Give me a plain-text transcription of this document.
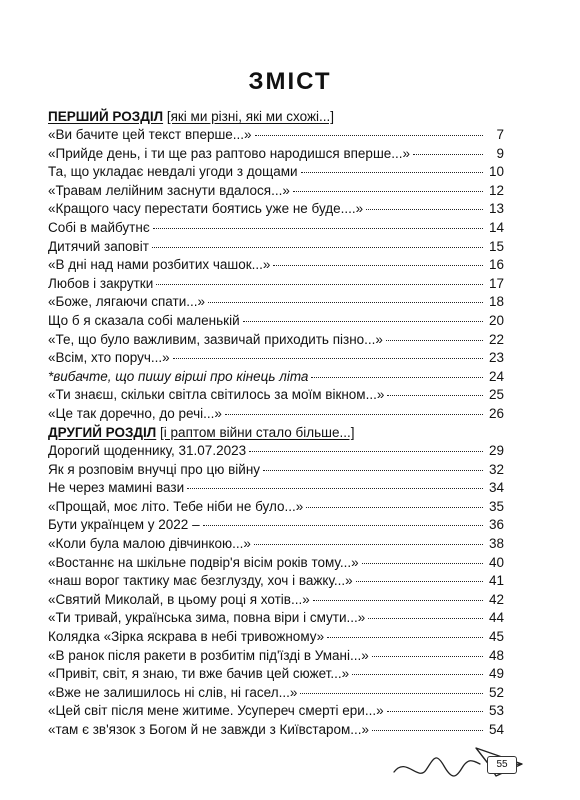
ЗМІСТ

ПЕРШИЙ РОЗДІЛ [які ми різні, які ми схожі...]

«Ви бачите цей текст вперше...»	7
«Прийде день, і ти ще раз раптово народишся вперше...»	9
Та, що укладає невдалі угоди з дощами	10
«Травам лелійним заснути вдалося...»	12
«Кращого часу перестати боятись уже не буде....»	13
Собі в майбутнє	14
Дитячий заповіт	15
«В дні над нами розбитих чашок...»	16
Любов і закрутки	17
«Боже, лягаючи спати...»	18
Що б я сказала собі маленькій	20
«Те, що було важливим, зазвичай приходить пізно...»	22
«Всім, хто поруч...»	23
*вибачте, що пишу вірші про кінець літа	24
«Ти знаєш, скільки світла світилось за моїм вікном...»	25
«Це так доречно, до речі...»	26

ДРУГИЙ РОЗДІЛ [і раптом війни стало більше...]

Дорогий щоденнику, 31.07.2023	29
Як я розповім внучці про цю війну	32
Не через мамині вази	34
«Прощай, моє літо. Тебе ніби не було...»	35
Бути українцем у 2022 –	36
«Коли була малою дівчинкою...»	38
«Востаннє на шкільне подвір'я вісім років тому...»	40
«наш ворог тактику має безглузду, хоч і важку...»	41
«Святий Миколай, в цьому році я хотів...»	42
«Ти тривай, українська зима, повна віри і смути...»	44
Колядка «Зірка яскрава в небі тривожному»	45
«В ранок після ракети в розбитім під'їзді в Умані...»	48
«Привіт, світ, я знаю, ти вже бачив цей сюжет...»	49
«Вже не залишилось ні слів, ні гасел...»	52
«Цей світ після мене житиме. Усупереч смерті ери...»	53
«там є зв'язок з Богом й не завжди з Київстаром...»	54
55
